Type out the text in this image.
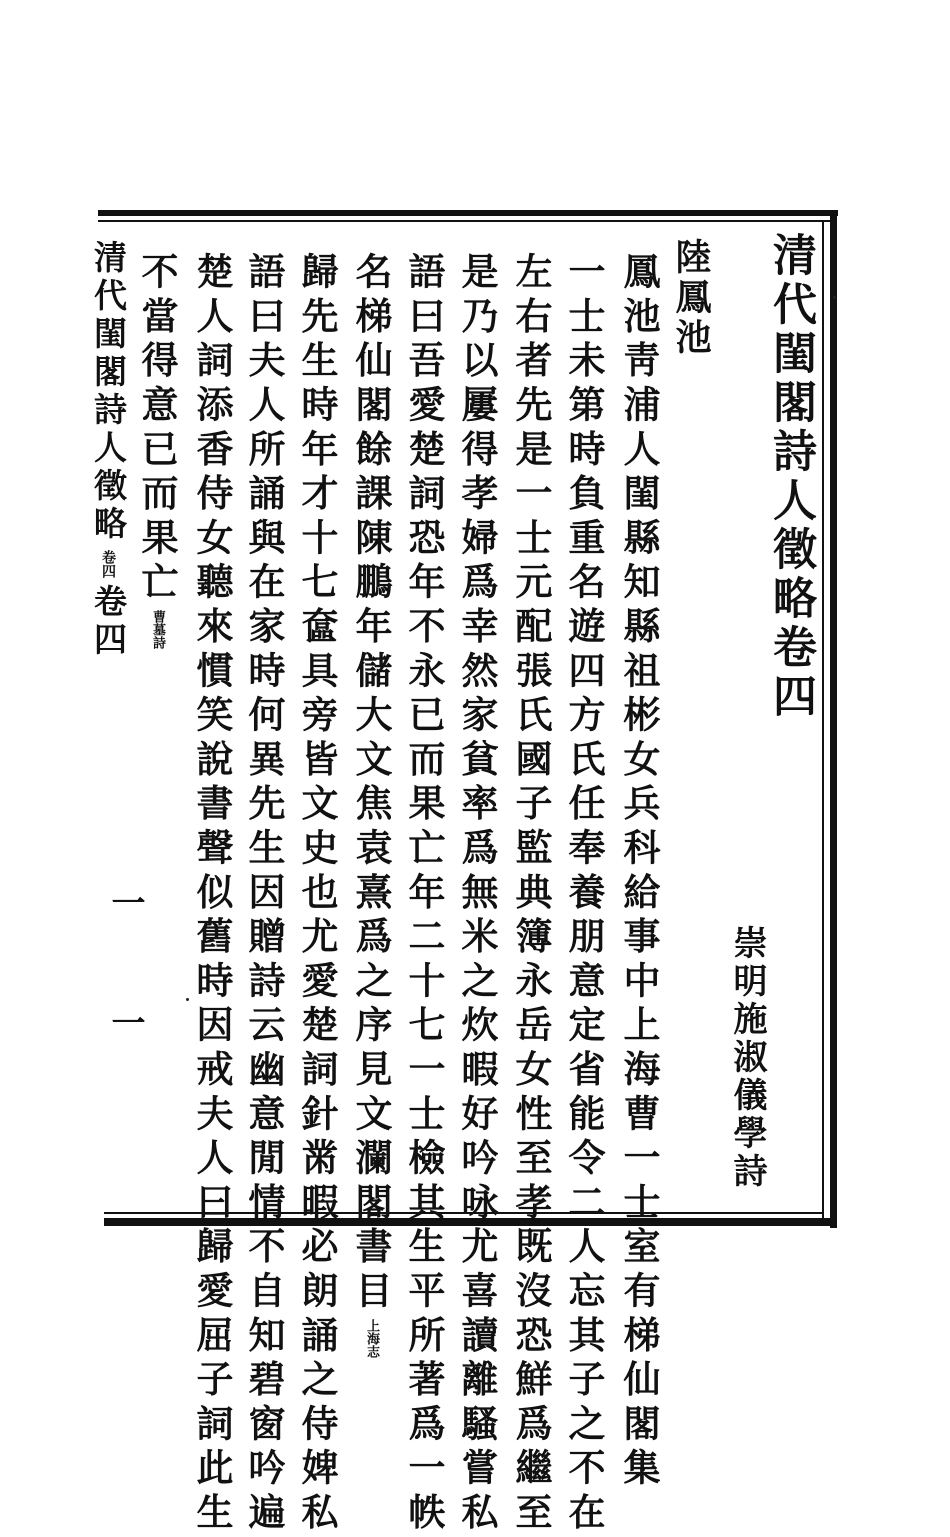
清代閨閣詩人徵略卷四
崇明施淑儀學詩
陸鳳池
鳳池靑浦人閨縣知縣祖彬女兵科給事中上海曹一士室有梯仙閣集
一士未第時負重名遊四方氏任奉養朋意定省能令二人忘其子之不在
左右者先是一士元配張氏國子監典簿永岳女性至孝既沒恐鮮爲繼至
是乃以屢得孝婦爲幸然家貧率爲無米之炊暇好吟咏尤喜讀離騷嘗私
語曰吾愛楚詞恐年不永已而果亡年二十七一士檢其生平所著爲一帙
名梯仙閣餘課陳鵬年儲大文焦袁熹爲之序見文瀾閣書目上海志
歸先生時年才十七奩具旁皆文史也尤愛楚詞針黹暇必朗誦之侍婢私
語曰夫人所誦與在家時何異先生因贈詩云幽意閒情不自知碧窗吟遍
楚人詞添香侍女聽來慣笑說書聲似舊時因戒夫人曰歸愛屈子詞此生
不當得意已而果亡曹墓詩
清代閨閣詩人徵略卷四卷四
一
一
